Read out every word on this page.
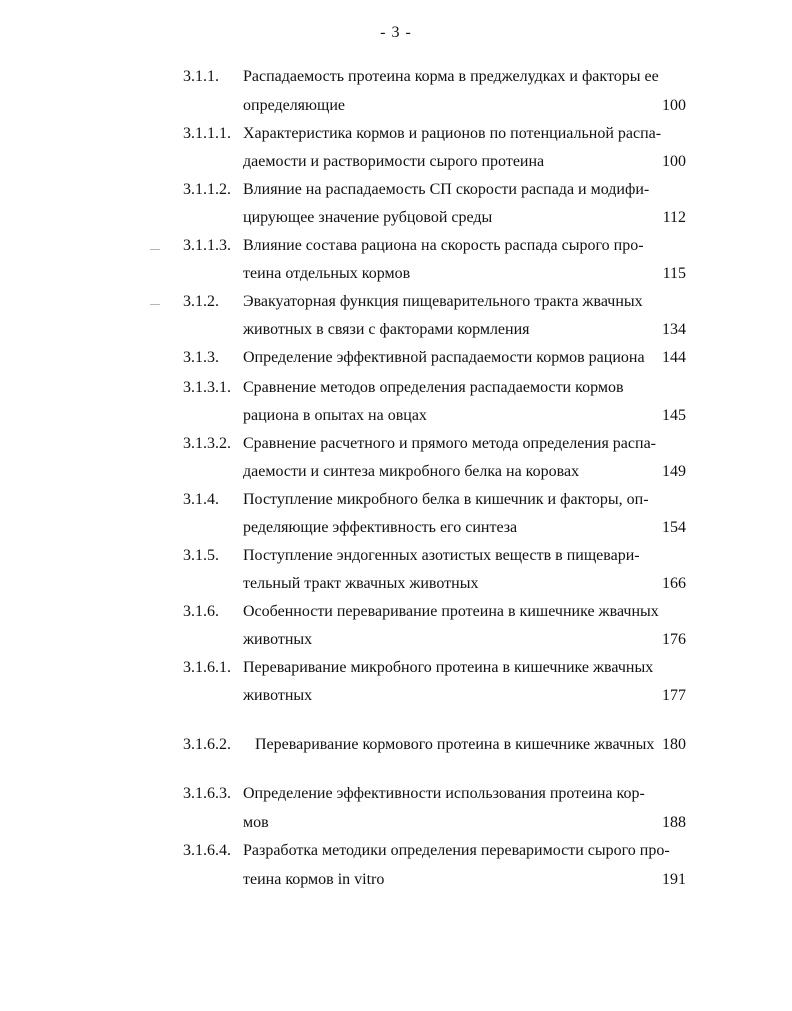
- 3 -
3.1.1. Распадаемость протеина корма в преджелудках и факторы ее
определяющие	100
3.1.1.1. Характеристика кормов и рационов по потенциальной распа-
даемости и растворимости сырого протеина	100
3.1.1.2. Влияние на распадаемость СП скорости распада и модифи-
цирующее значение рубцовой среды	112
3.1.1.3. Влияние состава рациона на скорость распада сырого про-
теина отдельных кормов	115
3.1.2. Эвакуаторная функция пищеварительного тракта жвачных
животных в связи с факторами кормления	134
3.1.3. Определение эффективной распадаемости кормов рациона 144
3.1.3.1. Сравнение методов определения распадаемости кормов
рациона в опытах на овцах	145
3.1.3.2. Сравнение расчетного и прямого метода определения распа-
даемости и синтеза микробного белка на коровах	149
3.1.4. Поступление микробного белка в кишечник и факторы, оп-
ределяющие эффективность его синтеза	154
3.1.5. Поступление эндогенных азотистых веществ в пищевари-
тельный тракт жвачных животных	166
3.1.6. Особенности переваривание протеина в кишечнике жвачных
животных	176
3.1.6.1. Переваривание микробного протеина в кишечнике жвачных
животных	177
3.1.6.2. Переваривание кормового протеина в кишечнике жвачных 180
3.1.6.3. Определение эффективности использования протеина кор-
мов	188
3.1.6.4. Разработка методики определения переваримости сырого про-
теина кормов in vitro	191
